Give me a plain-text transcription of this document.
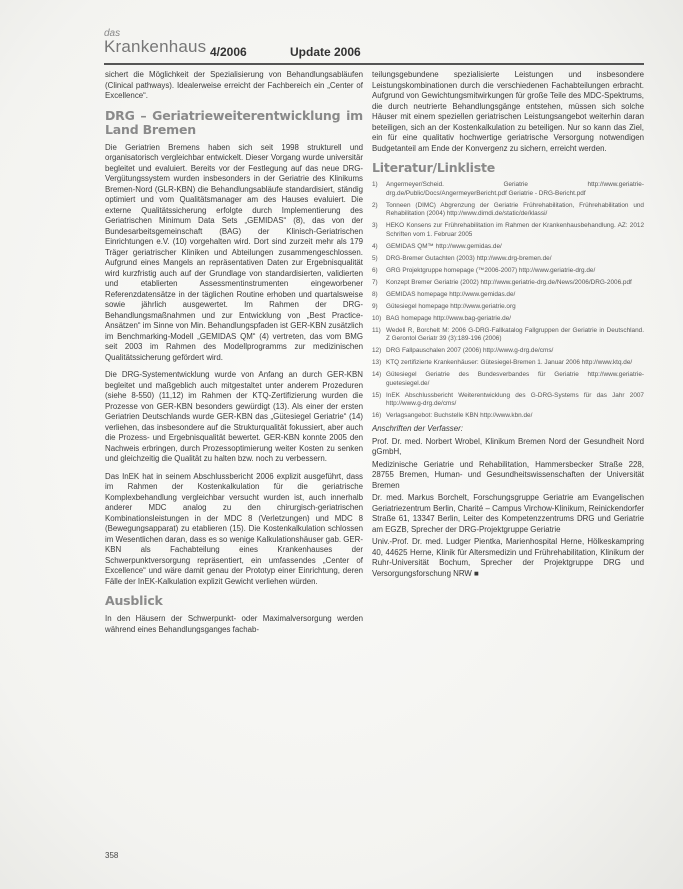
das
Krankenhaus 4/2006	Update 2006

sichert die Möglichkeit der Spezialisierung von Behandlungsabläufen (Clinical pathways). Idealerweise erreicht der Fachbereich ein „Center of Excellence“.

DRG – Geriatrieweiterentwicklung im Land Bremen

Die Geriatrien Bremens haben sich seit 1998 strukturell und organisatorisch vergleichbar entwickelt. Dieser Vorgang wurde universitär begleitet und evaluiert. Bereits vor der Festlegung auf das neue DRG-Vergütungssystem wurden insbesonders in der Geriatrie des Klinikums Bremen-Nord (GLR-KBN) die Behandlungsabläufe standardisiert, ständig optimiert und vom Qualitätsmanager am des Hauses evaluiert. Die externe Qualitätssicherung erfolgte durch Implementierung des Geriatrischen Minimum Data Sets „GEMIDAS“ (8), das von der Bundesarbeitsgemeinschaft (BAG) der Klinisch-Geriatrischen Einrichtungen e.V. (10) vorgehalten wird. Dort sind zurzeit mehr als 179 Träger geriatrischer Kliniken und Abteilungen zusammengeschlossen. Aufgrund eines Mangels an repräsentativen Daten zur Ergebnisqualität wird kurzfristig auch auf der Grundlage von standardisierten, validierten und etablierten Assessmentinstrumenten eingeworbener Referenzdatensätze in der täglichen Routine erhoben und quartalsweise sowie jährlich ausgewertet. Im Rahmen der DRG-Behandlungsmaßnahmen und zur Entwicklung von „Best Practice-Ansätzen“ im Sinne von Min. Behandlungspfaden ist GER-KBN zusätzlich im Benchmarking-Modell „GEMIDAS QM“ (4) vertreten, das vom BMG seit 2003 im Rahmen des Modellprogramms zur medizinischen Qualitätssicherung gefördert wird.

Die DRG-Systementwicklung wurde von Anfang an durch GER-KBN begleitet und maßgeblich auch mitgestaltet unter anderem Prozeduren (siehe 8-550) (11,12) im Rahmen der KTQ-Zertifizierung wurden die Prozesse von GER-KBN besonders gewürdigt (13). Als einer der ersten Geriatrien Deutschlands wurde GER-KBN das „Gütesiegel Geriatrie“ (14) verliehen, das insbesondere auf die Strukturqualität fokussiert, aber auch die Prozess- und Ergebnisqualität bewertet. GER-KBN konnte 2005 den Nachweis erbringen, durch Prozessoptimierung weiter Kosten zu senken und gleichzeitig die Qualität zu halten bzw. noch zu verbessern.

Das InEK hat in seinem Abschlussbericht 2006 explizit ausgeführt, dass im Rahmen der Kostenkalkulation für die geriatrische Komplexbehandlung vergleichbar versucht wurden ist, auch innerhalb anderer MDC analog zu den chirurgisch-geriatrischen Kombinationsleistungen in der MDC 8 (Verletzungen) und MDC 8 (Bewegungsapparat) zu etablieren (15). Die Kostenkalkulation schlossen im Wesentlichen daran, dass es so wenige Kalkulationshäuser gab. GER-KBN als Fachabteilung eines Krankenhauses der Schwerpunktversorgung repräsentiert, ein umfassendes „Center of Excellence“ und wäre damit genau der Prototyp einer Einrichtung, deren Fälle der InEK-Kalkulation explizit Gewicht verliehen würden.

Ausblick

In den Häusern der Schwerpunkt- oder Maximalversorgung werden während eines Behandlungsganges fachab-

teilungsgebundene spezialisierte Leistungen und insbesondere Leistungskombinationen durch die verschiedenen Fachabteilungen erbracht. Aufgrund von Gewichtungsmitwirkungen für große Teile des MDC-Spektrums, die durch neutrierte Behandlungsgänge entstehen, müssen sich solche Häuser mit einem speziellen geriatrischen Leistungsangebot weiterhin daran beteiligen, sich an der Kostenkalkulation zu beteiligen. Nur so kann das Ziel, ein für eine qualitativ hochwertige geriatrische Versorgung notwendigen Budgetanteil am Ende der Konvergenz zu sichern, erreicht werden.

Literatur/Linkliste
1)	Angermeyer/Scheid. Geriatrie http://www.geriatrie-drg.de/Public/Docs/AngermeyerBericht.pdf Geriatrie - DRG-Bericht.pdf
2)	Tonneen (DIMC) Abgrenzung der Geriatrie Frührehabilitation, Frührehabilitation und Rehabilitation (2004) http://www.dimdi.de/static/de/klassi/
3)	HEKO Konsens zur Frührehabilitation im Rahmen der Krankenhausbehandlung. AZ: 2012 Schriften vom 1. Februar 2005
4)	GEMIDAS QM™ http://www.gemidas.de/
5)	DRG-Bremer Gutachten (2003) http://www.drg-bremen.de/
6)	GRG Projektgruppe homepage (™2006-2007) http://www.geriatrie-drg.de/
7)	Konzept Bremer Geriatrie (2002) http://www.geriatrie-drg.de/News/2006/DRG-2006.pdf
8)	GEMIDAS homepage http://www.gemidas.de/
9)	Gütesiegel homepage http://www.geriatrie.org
10) BAG homepage http://www.bag-geriatrie.de/
11) Wedell R, Borchelt M: 2006 G-DRG-Fallkatalog Fallgruppen der Geriatrie in Deutschland. Z Gerontol Geriatr 39 (3):189-196 (2006)
12) DRG Fallpauschalen 2007 (2006) http://www.g-drg.de/cms/
13) KTQ zertifizierte Krankenhäuser: Gütesiegel-Bremen 1. Januar 2006 http://www.ktq.de/
14) Gütesiegel Geriatrie des Bundesverbandes für Geriatrie http://www.geriatrie-guetesiegel.de/
15) InEK Abschlussbericht Weiterentwicklung des G-DRG-Systems für das Jahr 2007 http://www.g-drg.de/cms/
16) Verlagsangebot: Buchstelle KBN http://www.kbn.de/

Anschriften der Verfasser:

Prof. Dr. med. Norbert Wrobel, Klinikum Bremen Nord der Gesundheit Nord gGmbH,

Medizinische Geriatrie und Rehabilitation, Hammersbecker Straße 228, 28755 Bremen, Human- und Gesundheitswissenschaften der Universität Bremen

Dr. med. Markus Borchelt, Forschungsgruppe Geriatrie am Evangelischen Geriatriezentrum Berlin, Charité – Campus Virchow-Klinikum, Reinickendorfer Straße 61, 13347 Berlin, Leiter des Kompetenzzentrums DRG und Geriatrie am EGZB, Sprecher der DRG-Projektgruppe Geriatrie

Univ.-Prof. Dr. med. Ludger Pientka, Marienhospital Herne, Hölkeskampring 40, 44625 Herne, Klinik für Altersmedizin und Frührehabilitation, Klinikum der Ruhr-Universität Bochum, Sprecher der Projektgruppe DRG und Versorgungsforschung NRW ■

358
